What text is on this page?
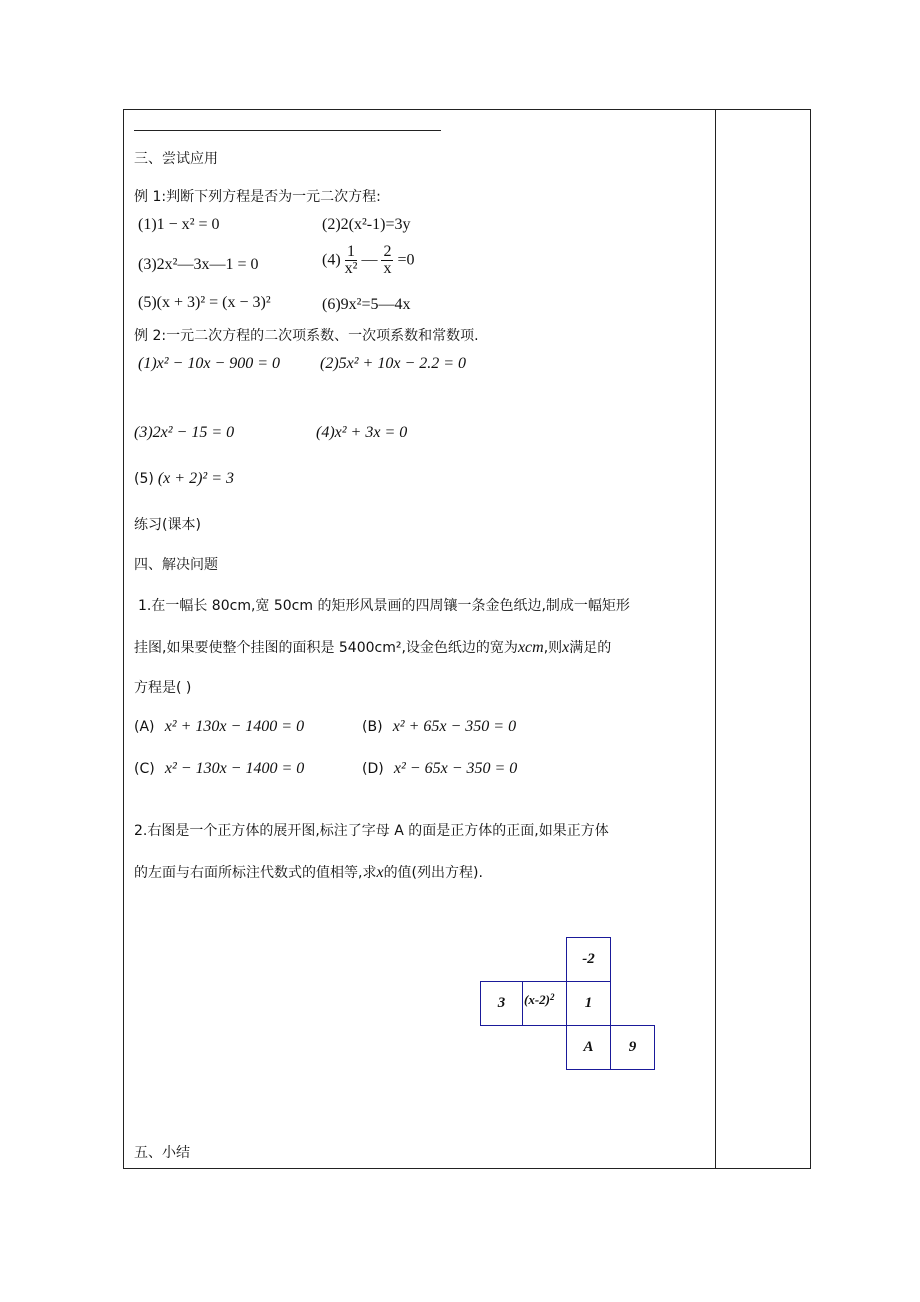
三、尝试应用
例 1:判断下列方程是否为一元二次方程:
(1)1 − x² = 0	(2)2(x²-1)=3y
(3)2x²—3x—1 = 0	$(4) \frac{1}{\text{x²}}$ — $\frac{2}{x} =0$
(5)(x + 3)² = (x − 3)²	(6)9x²=5—4x
例 2:一元二次方程的二次项系数、一次项系数和常数项.
(1)x² − 10x − 900 = 0 (2)5x² + 10x − 2.2 = 0
(3)2x² − 15 = 0	(4)x² + 3x = 0
(5) (x + 2)² = 3
练习(课本)
四、解决问题
1.在一幅长 80cm,宽 50cm 的矩形风景画的四周镶一条金色纸边,制成一幅矩形
挂图,如果要使整个挂图的面积是 5400cm²,设金色纸边的宽为xcm,则x满足的
方程是( )
(A) x² + 130x − 1400 = 0	(B) x² + 65x − 350 = 0
(C) x² − 130x − 1400 = 0	(D) x² − 65x − 350 = 0
2.右图是一个正方体的展开图,标注了字母 A 的面是正方体的正面,如果正方体
的左面与右面所标注代数式的值相等,求x的值(列出方程).
-2
3	$(x-2)^2$	1
A	9
五、小结
